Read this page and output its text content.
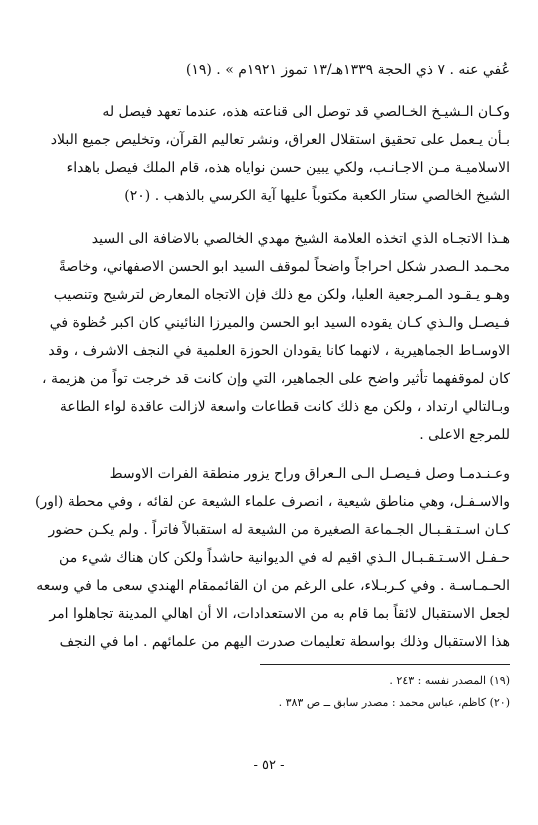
عُفي عنه . ٧ ذي الحجة ١٣٣٩هـ/١٣ تموز ١٩٢١م » . (١٩)
وكـان الـشيـخ الخـالصي قد توصل الى قناعته هذه، عندما تعهد فيصل له
بـأن يـعمل على تحقيق استقلال العراق، ونشر تعاليم القرآن، وتخليص جميع البلاد
الاسلاميـة مـن الاجـانـب، ولكي يبين حسن نواياه هذه، قام الملك فيصل باهداء
الشيخ الخالصي ستار الكعبة مكتوباً عليها آية الكرسي بالذهب . (٢٠)
هـذا الاتجـاه الذي اتخذه العلامة الشيخ مهدي الخالصي بالاضافة الى السيد
محـمد الـصدر شكل احراجاً واضحاً لموقف السيد ابو الحسن الاصفهاني، وخاصةً
وهـو يـقـود المـرجعية العليا، ولكن مع ذلك فإن الاتجاه المعارض لترشيح وتنصيب
فـيصـل والـذي كـان يقوده السيد ابو الحسن والميرزا النائيني كان اكبر حُظوة في
الاوسـاط الجماهيرية ، لانهما كانا يقودان الحوزة العلمية في النجف الاشرف ، وقد
كان لموقفهما تأثير واضح على الجماهير، التي وإن كانت قد خرجت تواً من هزيمة ،
وبـالتالي ارتداد ، ولكن مع ذلك كانت قطاعات واسعة لازالت عاقدة لواء الطاعة
للمرجع الاعلى .
وعـنـدمـا وصل فـيصـل الـى الـعراق وراح يزور منطقة الفرات الاوسط
والاسـفـل، وهي مناطق شيعية ، انصرف علماء الشيعة عن لقائه ، وفي محطة (اور)
كـان اسـتـقـبـال الجـماعة الصغيرة من الشيعة له استقبالاً فاتراً . ولم يكـن حضور
حـفـل الاسـتـقـبـال الـذي اقيم له في الديوانية حاشداً ولكن كان هناك شيء من
الحـمـاسـة . وفي كـربـلاء، على الرغم من ان القائممقام الهندي سعى ما في وسعه
لجعل الاستقبال لائقاً بما قام به من الاستعدادات، الا أن اهالي المدينة تجاهلوا امر
هذا الاستقبال وذلك بواسطة تعليمات صدرت اليهم من علمائهم . اما في النجف
(١٩) المصدر نفسه : ٢٤٣ .
(٢٠) كاظم، عباس محمد : مصدر سابق ــ ص ٣٨٣ .
- ٥٢ -
